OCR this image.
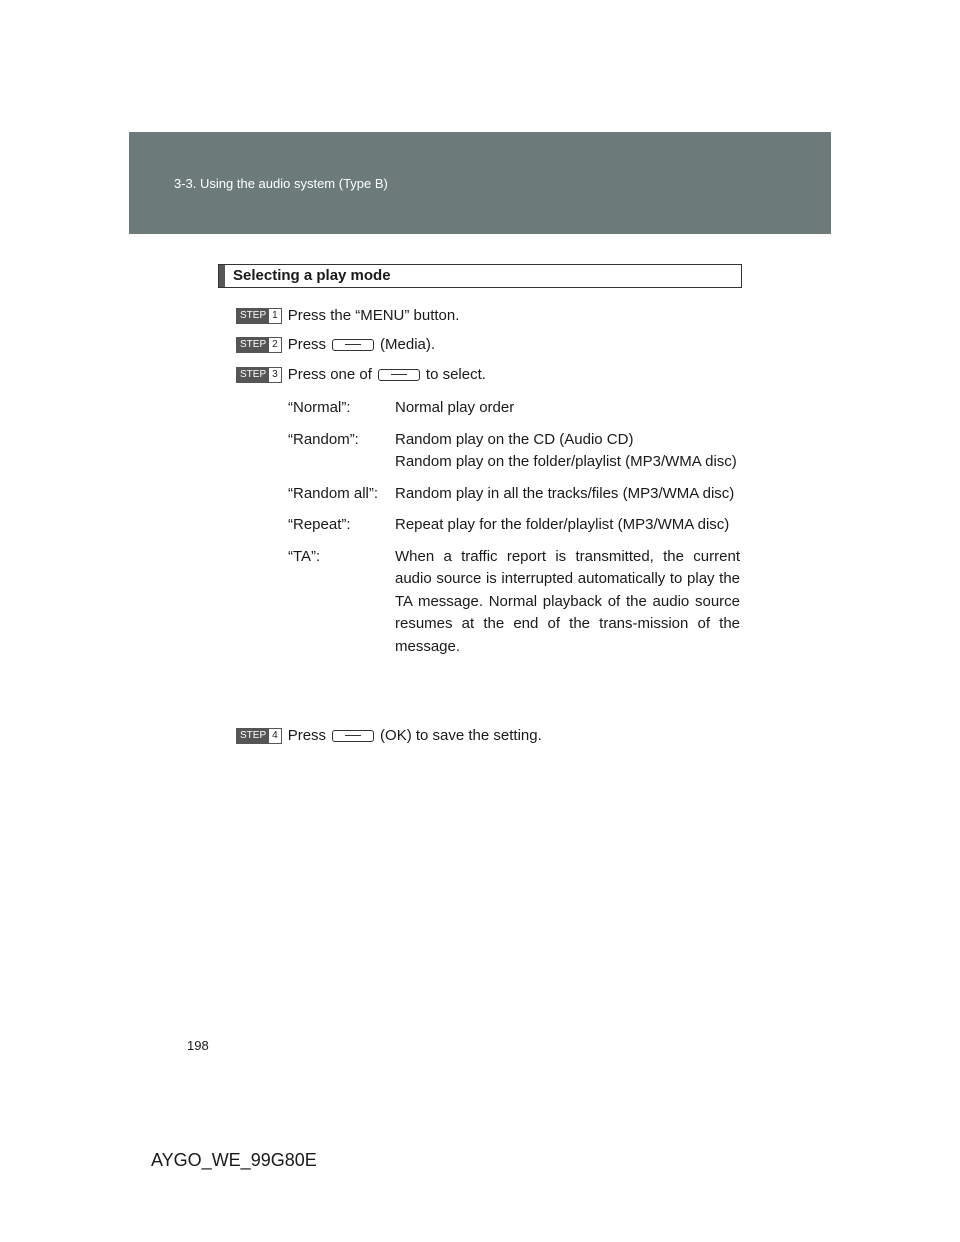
3-3. Using the audio system (Type B)
Selecting a play mode
STEP 1 Press the “MENU” button.
STEP 2 Press	(Media).
STEP 3 Press one of	to select.
“Normal”:	Normal play order
“Random”:	Random play on the CD (Audio CD)
Random play on the folder/playlist (MP3/WMA disc)
“Random all”:	Random play in all the tracks/files (MP3/WMA disc)
“Repeat”:	Repeat play for the folder/playlist (MP3/WMA disc)
“TA”:	When a traffic report is transmitted, the current audio source is interrupted automatically to play the TA message. Normal playback of the audio source resumes at the end of the trans-mission of the message.
STEP 4 Press	(OK) to save the setting.
198
AYGO_WE_99G80E
